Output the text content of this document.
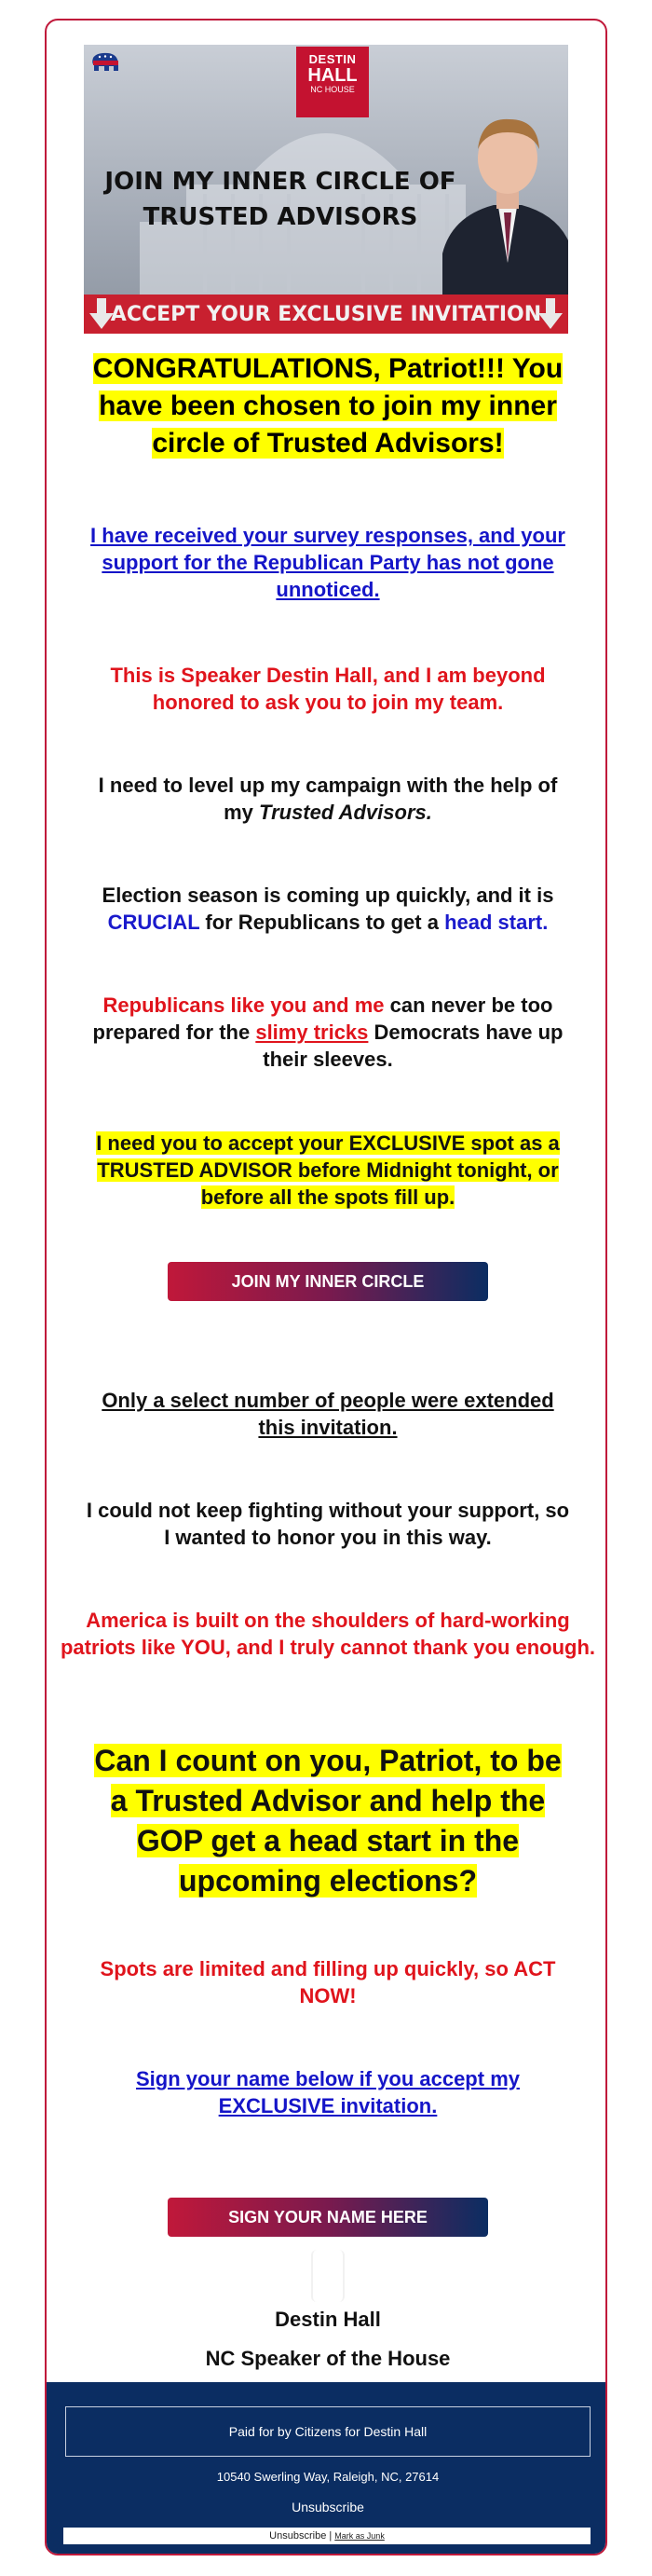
DESTIN
HALL
NC HOUSE
JOIN MY INNER CIRCLE OF
TRUSTED ADVISORS
ACCEPT YOUR EXCLUSIVE INVITATION
CONGRATULATIONS, Patriot!!! You have been chosen to join my inner circle of Trusted Advisors!
I have received your survey responses, and your support for the Republican Party has not gone unnoticed.
This is Speaker Destin Hall, and I am beyond honored to ask you to join my team.
I need to level up my campaign with the help of my Trusted Advisors.
Election season is coming up quickly, and it is CRUCIAL for Republicans to get a head start.
Republicans like you and me can never be too prepared for the slimy tricks Democrats have up their sleeves.
I need you to accept your EXCLUSIVE spot as a TRUSTED ADVISOR before Midnight tonight, or before all the spots fill up.
JOIN MY INNER CIRCLE
Only a select number of people were extended this invitation.
I could not keep fighting without your support, so I wanted to honor you in this way.
America is built on the shoulders of hard-working patriots like YOU, and I truly cannot thank you enough.
Can I count on you, Patriot, to be a Trusted Advisor and help the GOP get a head start in the upcoming elections?
Spots are limited and filling up quickly, so ACT NOW!
Sign your name below if you accept my EXCLUSIVE invitation.
SIGN YOUR NAME HERE
Destin Hall
NC Speaker of the House
Paid for by Citizens for Destin Hall
10540 Swerling Way, Raleigh, NC, 27614
Unsubscribe
Unsubscribe | Mark as Junk
